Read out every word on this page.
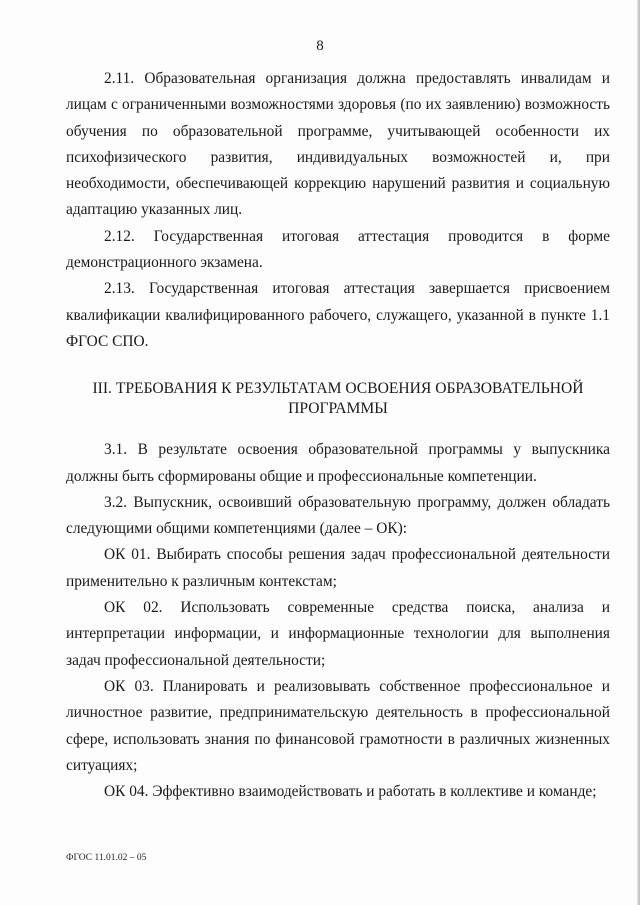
8

2.11. Образовательная организация должна предоставлять инвалидам и лицам с ограниченными возможностями здоровья (по их заявлению) возможность обучения по образовательной программе, учитывающей особенности их психофизического развития, индивидуальных возможностей и, при необходимости, обеспечивающей коррекцию нарушений развития и социальную адаптацию указанных лиц.

2.12. Государственная итоговая аттестация проводится в форме демонстрационного экзамена.

2.13. Государственная итоговая аттестация завершается присвоением квалификации квалифицированного рабочего, служащего, указанной в пункте 1.1 ФГОС СПО.

III. ТРЕБОВАНИЯ К РЕЗУЛЬТАТАМ ОСВОЕНИЯ ОБРАЗОВАТЕЛЬНОЙ ПРОГРАММЫ

3.1. В результате освоения образовательной программы у выпускника должны быть сформированы общие и профессиональные компетенции.

3.2. Выпускник, освоивший образовательную программу, должен обладать следующими общими компетенциями (далее – ОК):

ОК 01. Выбирать способы решения задач профессиональной деятельности применительно к различным контекстам;

ОК 02. Использовать современные средства поиска, анализа и интерпретации информации, и информационные технологии для выполнения задач профессиональной деятельности;

ОК 03. Планировать и реализовывать собственное профессиональное и личностное развитие, предпринимательскую деятельность в профессиональной сфере, использовать знания по финансовой грамотности в различных жизненных ситуациях;

ОК 04. Эффективно взаимодействовать и работать в коллективе и команде;

ФГОС 11.01.02 – 05
